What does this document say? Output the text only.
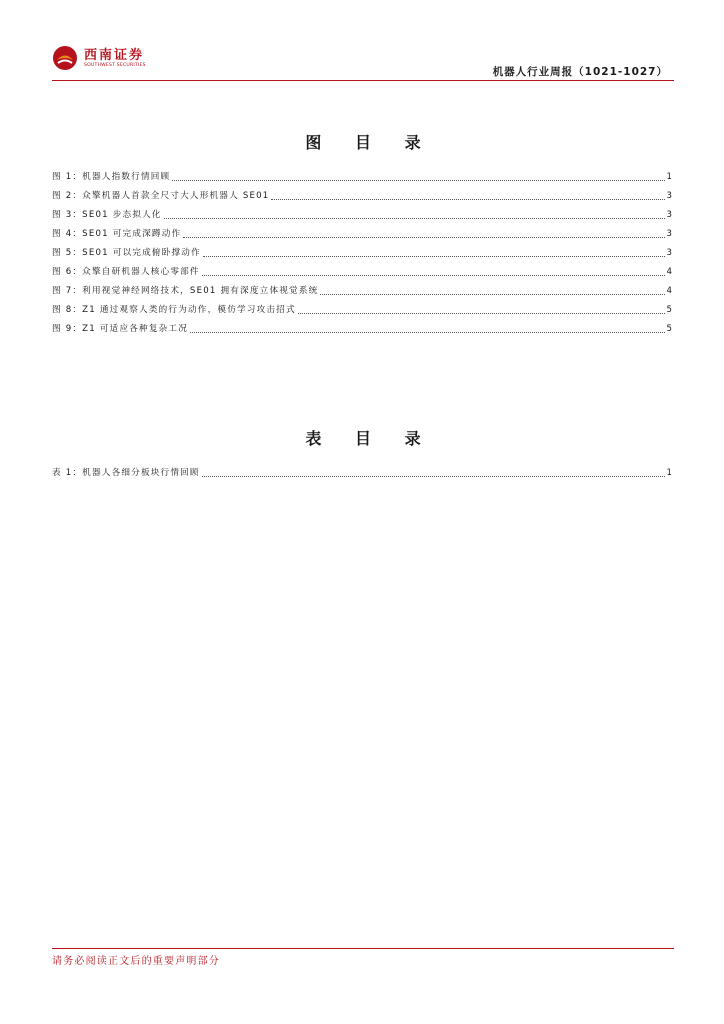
西南证券
SOUTHWEST SECURITIES
机器人行业周报（1021-1027）
图 目 录
图 1：机器人指数行情回顾	1
图 2：众擎机器人首款全尺寸大人形机器人 SE01	3
图 3：SE01 步态拟人化	3
图 4：SE01 可完成深蹲动作	3
图 5：SE01 可以完成俯卧撑动作	3
图 6：众擎自研机器人核心零部件	4
图 7：利用视觉神经网络技术，SE01 拥有深度立体视觉系统	4
图 8：Z1 通过观察人类的行为动作，模仿学习攻击招式	5
图 9：Z1 可适应各种复杂工况	5
表 目 录
表 1：机器人各细分板块行情回顾	1
请务必阅读正文后的重要声明部分
